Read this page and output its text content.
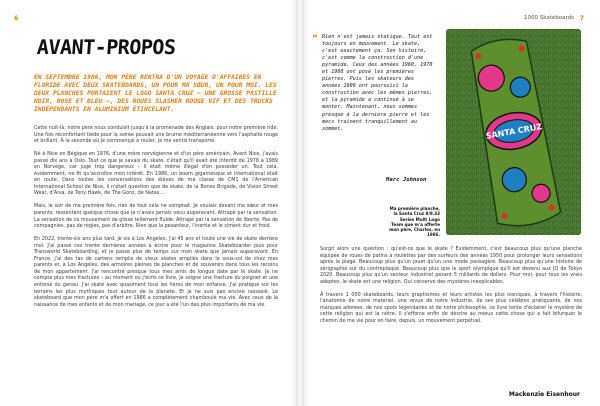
6
AVANT-PROPOS
EN SEPTEMBRE 1986, MON PÈRE RENTRA D'UN VOYAGE D'AFFAIRES EN FLORIDE AVEC DEUX SKATEBOARDS, UN POUR MA SŒUR, UN POUR MOI. LES DEUX PLANCHES PORTAIENT LE LOGO SANTA CRUZ – UNE GROSSE PASTILLE NOIR, ROSE ET BLEU –, DES ROUES SLASHER ROUGE VIF ET DES TRUCKS INDÉPENDANTS EN ALUMINIUM ÉTINCELANT.

Cette nuit-là, notre père nous conduisit jusqu'à la promenade des Anglais, pour notre première ride. Une fois réconfortant tiède pour la soirée pouvait une brume méditerranéenne vers l'asphalte rouge et brillant. À la seconde où je commençai à rouler, je me sentis transporté.

Né à Nice en Bégique en 1976, d'une mère norvégienne et d'un père américain. Avant Nice, j'avais passé dix ans à Oslo. Tout ce que je savais du skate, c'était qu'il avait été interdit de 1978 à 1989 en Norvège, car jugé trop dangereux – il était même illégal d'en posséder un. Tout cela, évidemment, ne fit qu'accroître mon intérêt. En 1986, un boom gigantesque et international était en route. Dans toutes les conversations des élèves de ma classe de CM1 de l'American International School de Nice, il n'était question que de skate, de la Bones Brigade, de Vision Street Wear, d'Alva, de Tony Hawk, de The Gonz, de Natas…

Mais, le soir de ma première fois, rien de tout cela ne comptait. Je voulais devant ma sœur et mes parents, ressentant quelque chose que je n'avais jamais vécu auparavant. Attrapé par la sensation. La sensation de ce mouvement de glisse tellement fluide. Attrapé par la sensation de liberté. Pas de compagnies, pas de règles, pas d'arbitre. Rien que la pesanteur, l'inertie et le ciment dur et froid.

En 2022, trente-six ans plus tard, je vis à Los Angeles, j'ai 45 ans et toute une vie de skate derrière moi. J'ai passé ces trente dernières années à écrire pour le magazine Skateboarder puis pour Transworld Skateboarding, et je passe plus de temps sur mon skate que jamais auparavant. En France, j'ai des tas de cartons remplis de vieux skates empilés dans le sous-sol de chez mes parents et, à Los Angeles, des armoires pleines de planches et de souvenirs dans tous les recoins de mon appartement. J'ai rencontré presque tous mes amis de longue date par le skate. Je ne compte plus mes fractures – au moment où j'écris ce livre, je soigne une fracture du poignet et une entorse du genou. J'ai skaté avec quasiment tous les héros de mon enfance. J'ai pratiqué sur les terrains les plus mythiques tout autour de la planète. Et je ne suis pas encore rassasié. Le skateboard que mon père m'a offert en 1986 a complètement chamboulé ma vie. Avec ceux de la naissance de mes enfants et de mon mariage, ce jour a été l'un des plus importants de ma vie.

1000 Skateboards 7

Surgit alors une question : qu'est-ce que le skate ? Évidemment, c'est beaucoup plus qu'une planche équipée de roues de patins à roulettes par des surfeurs des années 1950 pour prolonger leurs sensations après la plage. Beaucoup plus qu'un jouet qu'un une mode passagère. Beaucoup plus qu'une histoire de sérigraphie sur du contreplaqué. Beaucoup plus que le sport olympique qu'il est devenu aux JO de Tokyo 2020. Beaucoup plus qu'un secteur industriel pesant 5 milliards de dollars. Pour moi, pour tous les vrais adeptes, le skate est une religion. Qui conserve des mystères inexplicables.

À travers 1 000 skateboards, leurs graphismes et leurs artistes les plus iconiques, à travers l'histoire, l'anatomie de notre matériel, une revue de notre industrie, de ses plus célèbres pratiquants, de nos marques adorées, de nos spots légendaires et de notre philosophie, ce livre tente d'éclairer le mystère de cette religion qui est la nôtre. Il s'efforce enfin de décrire au mieux cette chose qui a fait bifurquer le chemin de ma vie pour en faire, depuis, un mouvement perpétuel.

Mackenzie Eisenhour
“ Rien n'est jamais statique. Tout est toujours en mouvement. Le skate, c'est exactement ça. Son histoire, c'est comme la construction d'une pyramide. Ceux des années 1960, 1970 et 1980 ont posé les premières pierres. Puis les skateurs des années 1990 ont poursuivi la construction avec les mêmes pierres, et la pyramide a continué à se monter. Maintenant, nous sommes presque à la dernière pierre et les mecs trainent tranquillement au sommet.
Marc Johnson
SANTA CRUZ
Ma première planche, la Santa Cruz 8/9.33 Series Multi Logo Team que m'a offerte mon père, Charles, en 1986.
